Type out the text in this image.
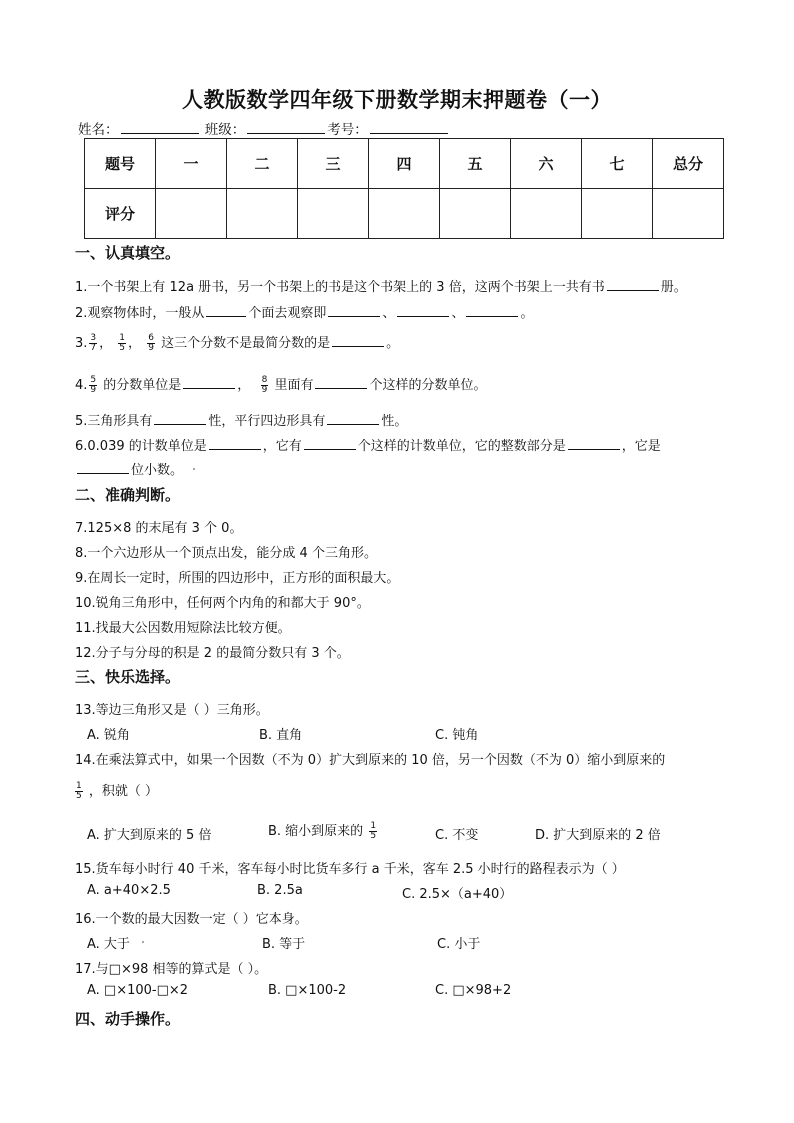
人教版数学四年级下册数学期末押题卷（一）
姓名：	班级：	考号：
题号	一	二	三	四	五	六	七	总分
评分								
一、认真填空。
1.一个书架上有 12a 册书，另一个书架上的书是这个书架上的 3 倍，这两个书架上一共有书	册。
2.观察物体时，一般从	个面去观察即	、	、	。
3. $\frac{3}{7}$ ， $\frac{1}{5}$ ， $\frac{6}{9}$ 这三个分数不是最简分数的是	。
4. $\frac{5}{9}$ 的分数单位是	， $\frac{8}{9}$ 里面有	个这样的分数单位。
5.三角形具有	性，平行四边形具有	性。
6.0.039 的计数单位是	，它有	个这样的计数单位，它的整数部分是	，它是
位小数。
二、准确判断。
7.125×8 的末尾有 3 个 0。
8.一个六边形从一个顶点出发，能分成 4 个三角形。
9.在周长一定时，所围的四边形中，正方形的面积最大。
10.锐角三角形中，任何两个内角的和都大于 90°。
11.找最大公因数用短除法比较方便。
12.分子与分母的积是 2 的最简分数只有 3 个。
三、快乐选择。
13.等边三角形又是（ ）三角形。
A. 锐角	B. 直角	C. 钝角
14.在乘法算式中，如果一个因数（不为 0）扩大到原来的 10 倍，另一个因数（不为 0）缩小到原来的
$\frac{1}{5}$ ，积就（ ）
A. 扩大到原来的 5 倍	B. 缩小到原来的 $\frac{1}{5}$	C. 不变	D. 扩大到原来的 2 倍
15.货车每小时行 40 千米，客车每小时比货车多行 a 千米，客车 2.5 小时行的路程表示为（ ）
A. a+40×2.5	B. 2.5a	C. 2.5×（a+40）
16.一个数的最大因数一定（ ）它本身。
A. 大于	B. 等于	C. 小于
17.与□×98 相等的算式是（ ）。
A. □×100-□×2	B. □×100-2	C. □×98+2
四、动手操作。
